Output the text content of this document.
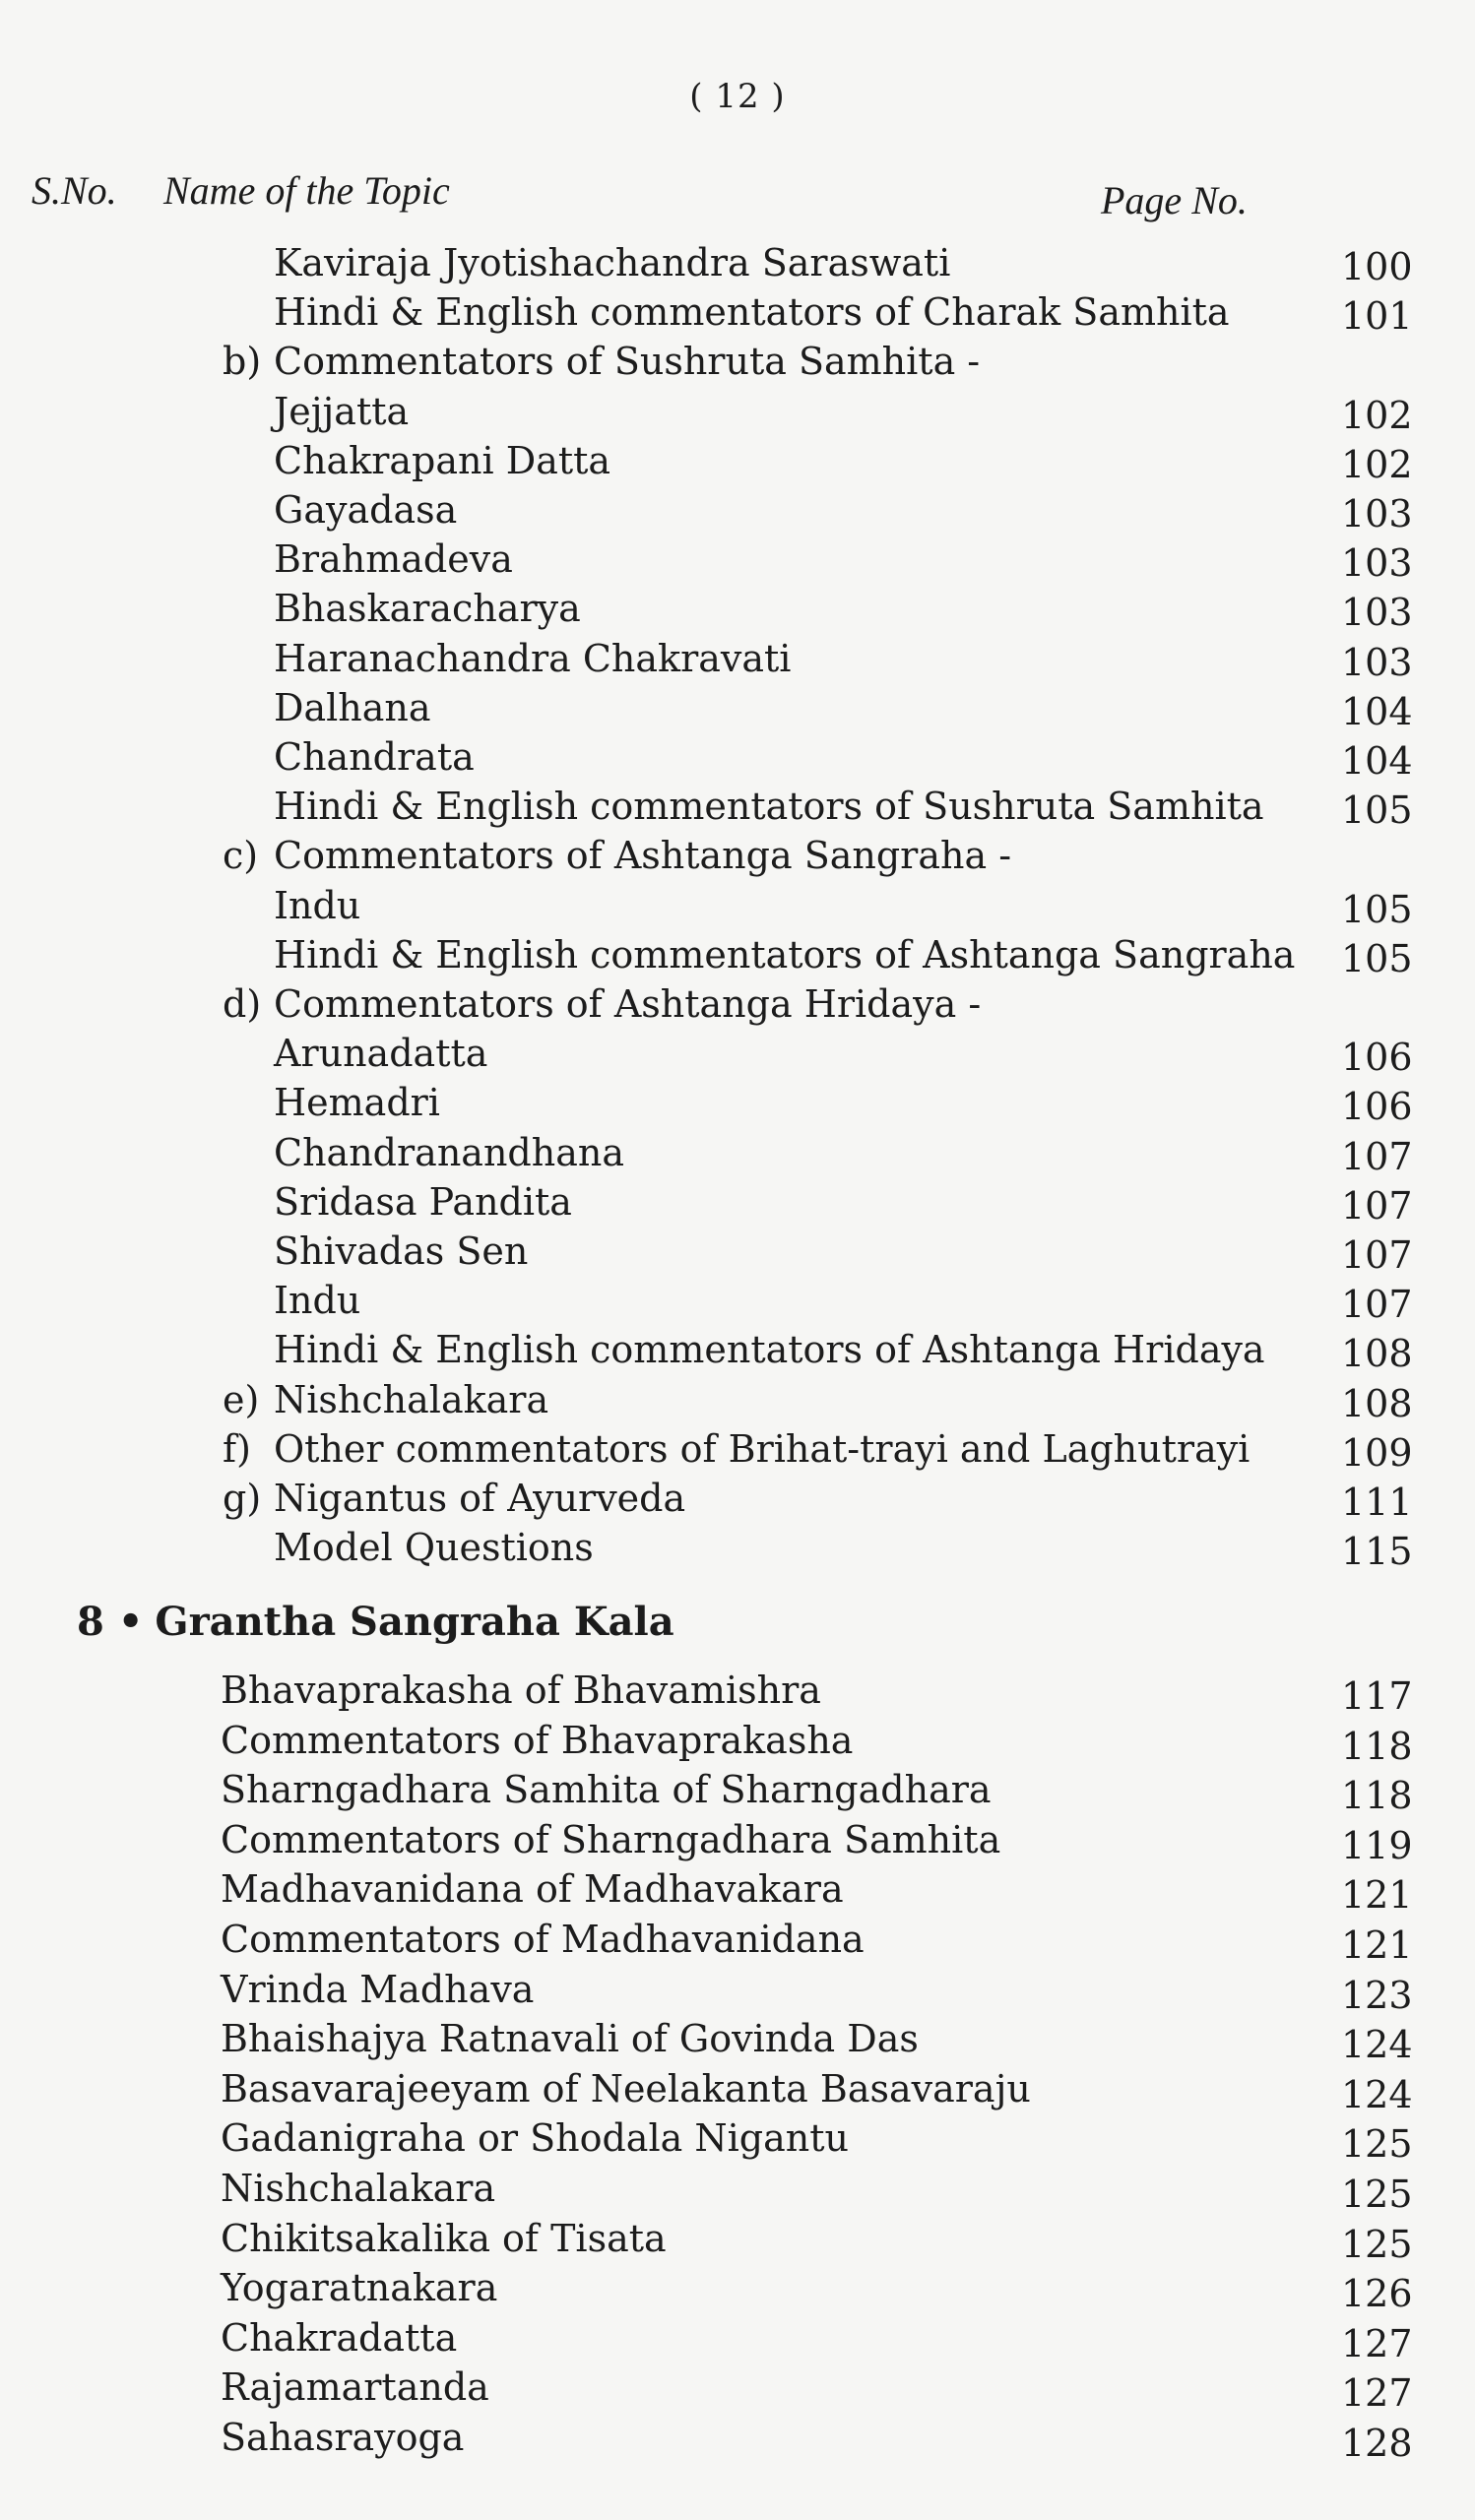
( 12 )
S.No. Name of the Topic	Page No.
Kaviraja Jyotishachandra Saraswati	100
Hindi & English commentators of Charak Samhita	101
b) Commentators of Sushruta Samhita -
Jejjatta	102
Chakrapani Datta	102
Gayadasa	103
Brahmadeva	103
Bhaskaracharya	103
Haranachandra Chakravati	103
Dalhana	104
Chandrata	104
Hindi & English commentators of Sushruta Samhita 105
c) Commentators of Ashtanga Sangraha -
Indu	105
Hindi & English commentators of Ashtanga Sangraha 105
d) Commentators of Ashtanga Hridaya -
Arunadatta	106
Hemadri	106
Chandranandhana	107
Sridasa Pandita	107
Shivadas Sen	107
Indu	107
Hindi & English commentators of Ashtanga Hridaya 108
e) Nishchalakara	108
f) Other commentators of Brihat-trayi and Laghutrayi 109
g) Nigantus of Ayurveda	111
Model Questions	115
8 • Grantha Sangraha Kala
Bhavaprakasha of Bhavamishra	117
Commentators of Bhavaprakasha	118
Sharngadhara Samhita of Sharngadhara	118
Commentators of Sharngadhara Samhita	119
Madhavanidana of Madhavakara	121
Commentators of Madhavanidana	121
Vrinda Madhava	123
Bhaishajya Ratnavali of Govinda Das	124
Basavarajeeyam of Neelakanta Basavaraju	124
Gadanigraha or Shodala Nigantu	125
Nishchalakara	125
Chikitsakalika of Tisata	125
Yogaratnakara	126
Chakradatta	127
Rajamartanda	127
Sahasrayoga	128
